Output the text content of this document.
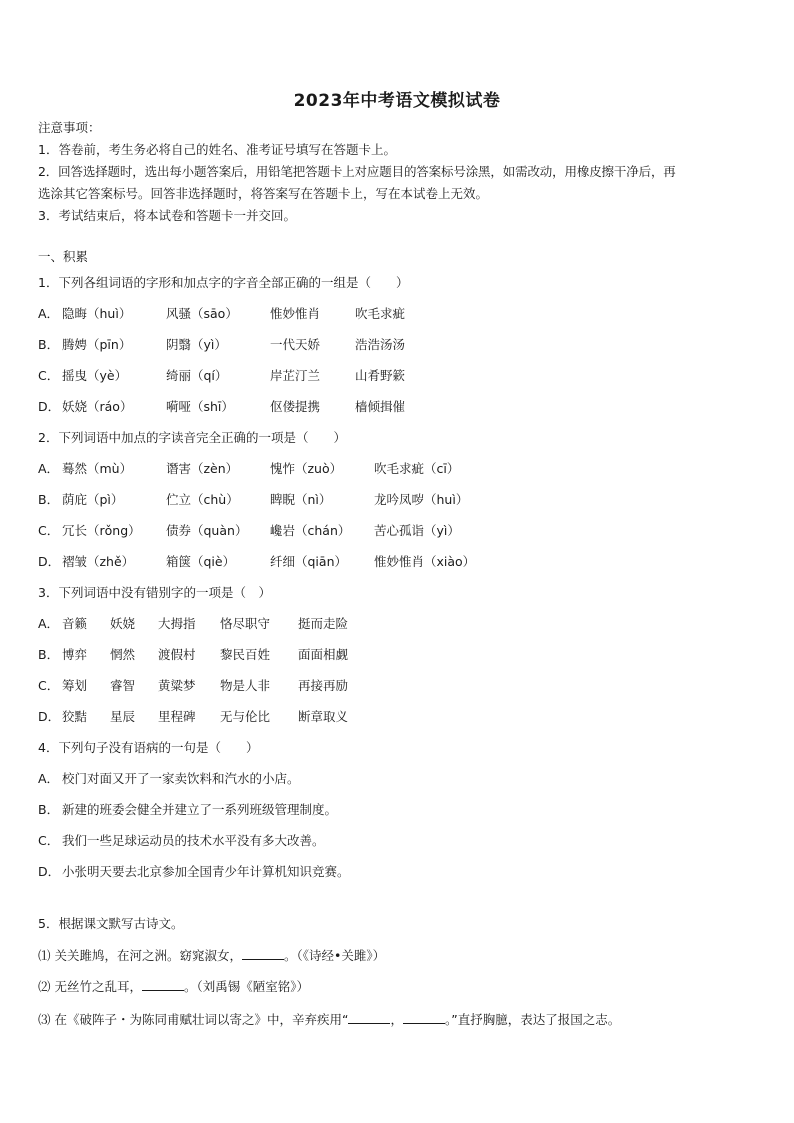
2023年中考语文模拟试卷
注意事项：
1．答卷前，考生务必将自己的姓名、准考证号填写在答题卡上。
2．回答选择题时，选出每小题答案后，用铅笔把答题卡上对应题目的答案标号涂黑，如需改动，用橡皮擦干净后，再
选涂其它答案标号。回答非选择题时，将答案写在答题卡上，写在本试卷上无效。
3．考试结束后，将本试卷和答题卡一并交回。
一、积累
1．下列各组词语的字形和加点字的字音全部正确的一组是（　　）
A． 隐晦（huì）	风骚（sāo）	惟妙惟肖	吹毛求疵
B． 腾娉（pīn）	阴翳（yì）	一代天娇	浩浩汤汤
C． 摇曳（yè）	绮丽（qí）	岸芷汀兰	山肴野簌
D． 妖娆（ráo）	嗬哑（shī）	伛偻提携	樯倾揖催
2．下列词语中加点的字读音完全正确的一项是（　　）
A． 蓦然（mù）	谮害（zèn）	愧怍（zuò）	吹毛求疵（cī）
B． 荫庇（pì）	伫立（chù）	睥睨（nì）	龙吟凤哕（huì）
C． 冗长（rǒng） 债券（quàn） 巉岩（chán） 苦心孤诣（yì）
D． 褶皱（zhě）	箱箧（qiè）	纤细（qiān） 惟妙惟肖（xiào）
3．下列词语中没有错别字的一项是（　）
A． 音籁 妖娆 大拇指 恪尽职守 挺而走险
B． 博弈 惘然 渡假村 黎民百姓 面面相觑
C． 筹划 睿智 黄粱梦 物是人非 再接再励
D． 狡黠 星辰 里程碑 无与伦比 断章取义
4．下列句子没有语病的一句是（　　）
A． 校门对面又开了一家卖饮料和汽水的小店。
B． 新建的班委会健全并建立了一系列班级管理制度。
C． 我们一些足球运动员的技术水平没有多大改善。
D． 小张明天要去北京参加全国青少年计算机知识竞赛。
5．根据课文默写古诗文。
⑴ 关关雎鸠，在河之洲。窈窕淑女，	。（《诗经•关雎》）
⑵ 无丝竹之乱耳，	。（刘禹锡《陋室铭》）
⑶ 在《破阵子・为陈同甫赋壮词以寄之》中，辛弃疾用“	，	。”直抒胸臆，表达了报国之志。
